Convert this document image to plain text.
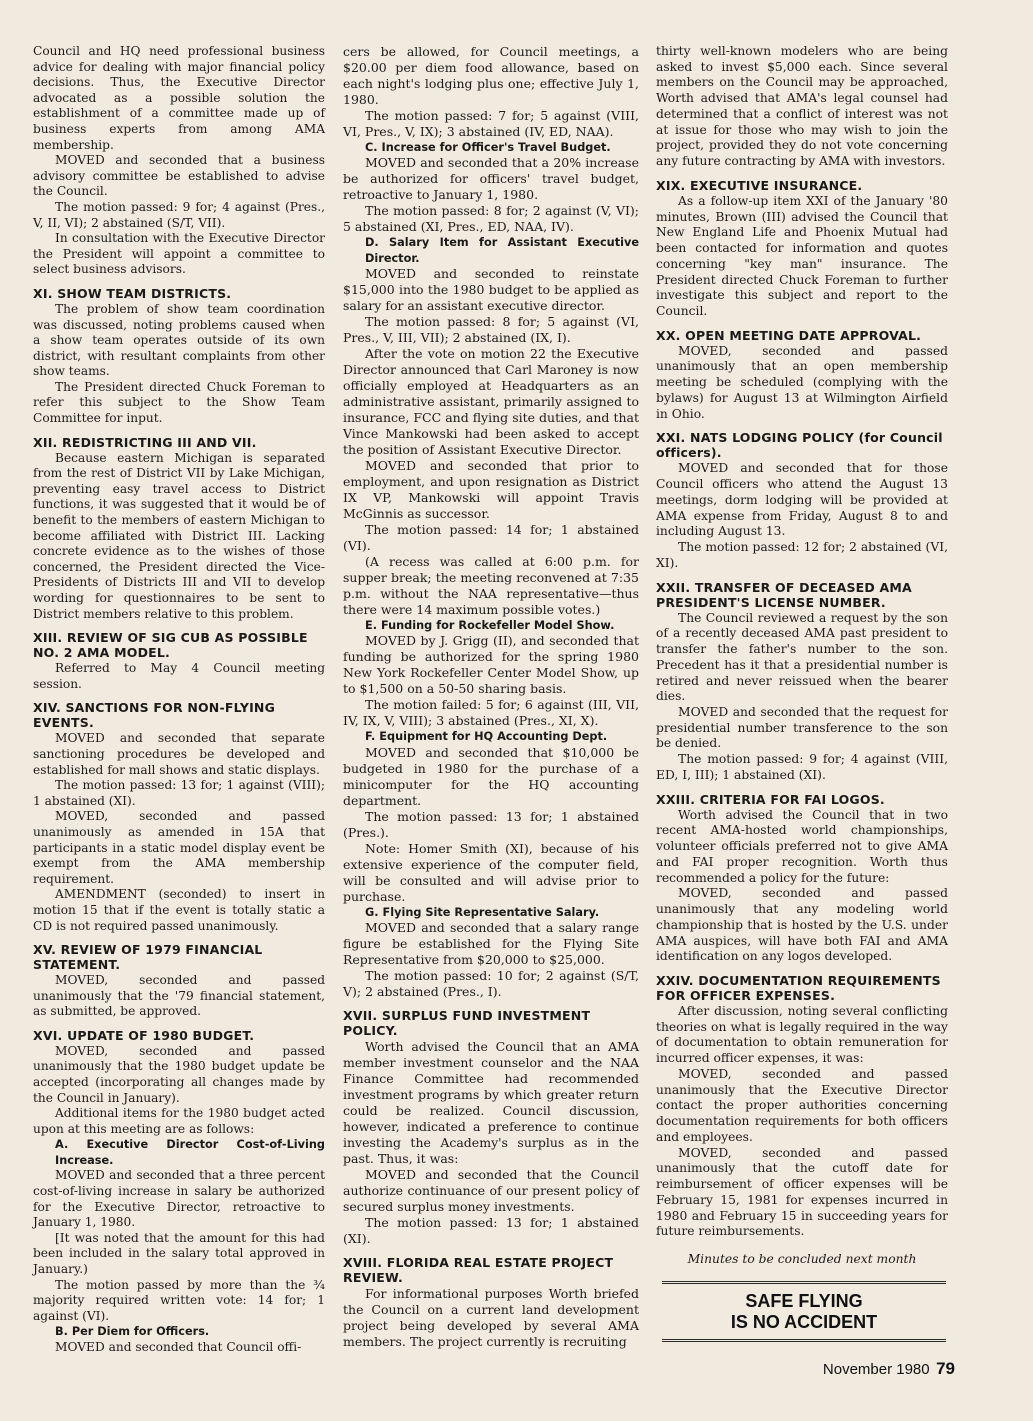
Council and HQ need professional business advice for dealing with major financial policy decisions. Thus, the Executive Director advocated as a possible solution the establishment of a committee made up of business experts from among AMA membership.

MOVED and seconded that a business advisory committee be established to advise the Council.

The motion passed: 9 for; 4 against (Pres., V, II, VI); 2 abstained (S/T, VII).

In consultation with the Executive Director the President will appoint a committee to select business advisors.

XI. SHOW TEAM DISTRICTS.

The problem of show team coordination was discussed, noting problems caused when a show team operates outside of its own district, with resultant complaints from other show teams.

The President directed Chuck Foreman to refer this subject to the Show Team Committee for input.

XII. REDISTRICTING III AND VII.

Because eastern Michigan is separated from the rest of District VII by Lake Michigan, preventing easy travel access to District functions, it was suggested that it would be of benefit to the members of eastern Michigan to become affiliated with District III. Lacking concrete evidence as to the wishes of those concerned, the President directed the Vice-Presidents of Districts III and VII to develop wording for questionnaires to be sent to District members relative to this problem.

XIII. REVIEW OF SIG CUB AS POSSIBLE NO. 2 AMA MODEL.

Referred to May 4 Council meeting session.

XIV. SANCTIONS FOR NON-FLYING EVENTS.

MOVED and seconded that separate sanctioning procedures be developed and established for mall shows and static displays.

The motion passed: 13 for; 1 against (VIII); 1 abstained (XI).

MOVED, seconded and passed unanimously as amended in 15A that participants in a static model display event be exempt from the AMA membership requirement.

AMENDMENT (seconded) to insert in motion 15 that if the event is totally static a CD is not required passed unanimously.

XV. REVIEW OF 1979 FINANCIAL STATEMENT.

MOVED, seconded and passed unanimously that the '79 financial statement, as submitted, be approved.

XVI. UPDATE OF 1980 BUDGET.

MOVED, seconded and passed unanimously that the 1980 budget update be accepted (incorporating all changes made by the Council in January).

Additional items for the 1980 budget acted upon at this meeting are as follows:

A. Executive Director Cost-of-Living Increase.

MOVED and seconded that a three percent cost-of-living increase in salary be authorized for the Executive Director, retroactive to January 1, 1980.

[It was noted that the amount for this had been included in the salary total approved in January.)

The motion passed by more than the ¾ majority required written vote: 14 for; 1 against (VI).

B. Per Diem for Officers.

MOVED and seconded that Council offi-

cers be allowed, for Council meetings, a $20.00 per diem food allowance, based on each night's lodging plus one; effective July 1, 1980.

The motion passed: 7 for; 5 against (VIII, VI, Pres., V, IX); 3 abstained (IV, ED, NAA).

C. Increase for Officer's Travel Budget.

MOVED and seconded that a 20% increase be authorized for officers' travel budget, retroactive to January 1, 1980.

The motion passed: 8 for; 2 against (V, VI); 5 abstained (XI, Pres., ED, NAA, IV).

D. Salary Item for Assistant Executive Director.

MOVED and seconded to reinstate $15,000 into the 1980 budget to be applied as salary for an assistant executive director.

The motion passed: 8 for; 5 against (VI, Pres., V, III, VII); 2 abstained (IX, I).

After the vote on motion 22 the Executive Director announced that Carl Maroney is now officially employed at Headquarters as an administrative assistant, primarily assigned to insurance, FCC and flying site duties, and that Vince Mankowski had been asked to accept the position of Assistant Executive Director.

MOVED and seconded that prior to employment, and upon resignation as District IX VP, Mankowski will appoint Travis McGinnis as successor.

The motion passed: 14 for; 1 abstained (VI).

(A recess was called at 6:00 p.m. for supper break; the meeting reconvened at 7:35 p.m. without the NAA representative—thus there were 14 maximum possible votes.)

E. Funding for Rockefeller Model Show.

MOVED by J. Grigg (II), and seconded that funding be authorized for the spring 1980 New York Rockefeller Center Model Show, up to $1,500 on a 50-50 sharing basis.

The motion failed: 5 for; 6 against (III, VII, IV, IX, V, VIII); 3 abstained (Pres., XI, X).

F. Equipment for HQ Accounting Dept.

MOVED and seconded that $10,000 be budgeted in 1980 for the purchase of a minicomputer for the HQ accounting department.

The motion passed: 13 for; 1 abstained (Pres.).

Note: Homer Smith (XI), because of his extensive experience of the computer field, will be consulted and will advise prior to purchase.

G. Flying Site Representative Salary.

MOVED and seconded that a salary range figure be established for the Flying Site Representative from $20,000 to $25,000.

The motion passed: 10 for; 2 against (S/T, V); 2 abstained (Pres., I).

XVII. SURPLUS FUND INVESTMENT POLICY.

Worth advised the Council that an AMA member investment counselor and the NAA Finance Committee had recommended investment programs by which greater return could be realized. Council discussion, however, indicated a preference to continue investing the Academy's surplus as in the past. Thus, it was:

MOVED and seconded that the Council authorize continuance of our present policy of secured surplus money investments.

The motion passed: 13 for; 1 abstained (XI).

XVIII. FLORIDA REAL ESTATE PROJECT REVIEW.

For informational purposes Worth briefed the Council on a current land development project being developed by several AMA members. The project currently is recruiting

thirty well-known modelers who are being asked to invest $5,000 each. Since several members on the Council may be approached, Worth advised that AMA's legal counsel had determined that a conflict of interest was not at issue for those who may wish to join the project, provided they do not vote concerning any future contracting by AMA with investors.

XIX. EXECUTIVE INSURANCE.

As a follow-up item XXI of the January '80 minutes, Brown (III) advised the Council that New England Life and Phoenix Mutual had been contacted for information and quotes concerning "key man" insurance. The President directed Chuck Foreman to further investigate this subject and report to the Council.

XX. OPEN MEETING DATE APPROVAL.

MOVED, seconded and passed unanimously that an open membership meeting be scheduled (complying with the bylaws) for August 13 at Wilmington Airfield in Ohio.

XXI. NATS LODGING POLICY (for Council officers).

MOVED and seconded that for those Council officers who attend the August 13 meetings, dorm lodging will be provided at AMA expense from Friday, August 8 to and including August 13.

The motion passed: 12 for; 2 abstained (VI, XI).

XXII. TRANSFER OF DECEASED AMA PRESIDENT'S LICENSE NUMBER.

The Council reviewed a request by the son of a recently deceased AMA past president to transfer the father's number to the son. Precedent has it that a presidential number is retired and never reissued when the bearer dies.

MOVED and seconded that the request for presidential number transference to the son be denied.

The motion passed: 9 for; 4 against (VIII, ED, I, III); 1 abstained (XI).

XXIII. CRITERIA FOR FAI LOGOS.

Worth advised the Council that in two recent AMA-hosted world championships, volunteer officials preferred not to give AMA and FAI proper recognition. Worth thus recommended a policy for the future:

MOVED, seconded and passed unanimously that any modeling world championship that is hosted by the U.S. under AMA auspices, will have both FAI and AMA identification on any logos developed.

XXIV. DOCUMENTATION REQUIREMENTS FOR OFFICER EXPENSES.

After discussion, noting several conflicting theories on what is legally required in the way of documentation to obtain remuneration for incurred officer expenses, it was:

MOVED, seconded and passed unanimously that the Executive Director contact the proper authorities concerning documentation requirements for both officers and employees.

MOVED, seconded and passed unanimously that the cutoff date for reimbursement of officer expenses will be February 15, 1981 for expenses incurred in 1980 and February 15 in succeeding years for future reimbursements.

Minutes to be concluded next month

SAFE FLYING
IS NO ACCIDENT
November 1980 79
